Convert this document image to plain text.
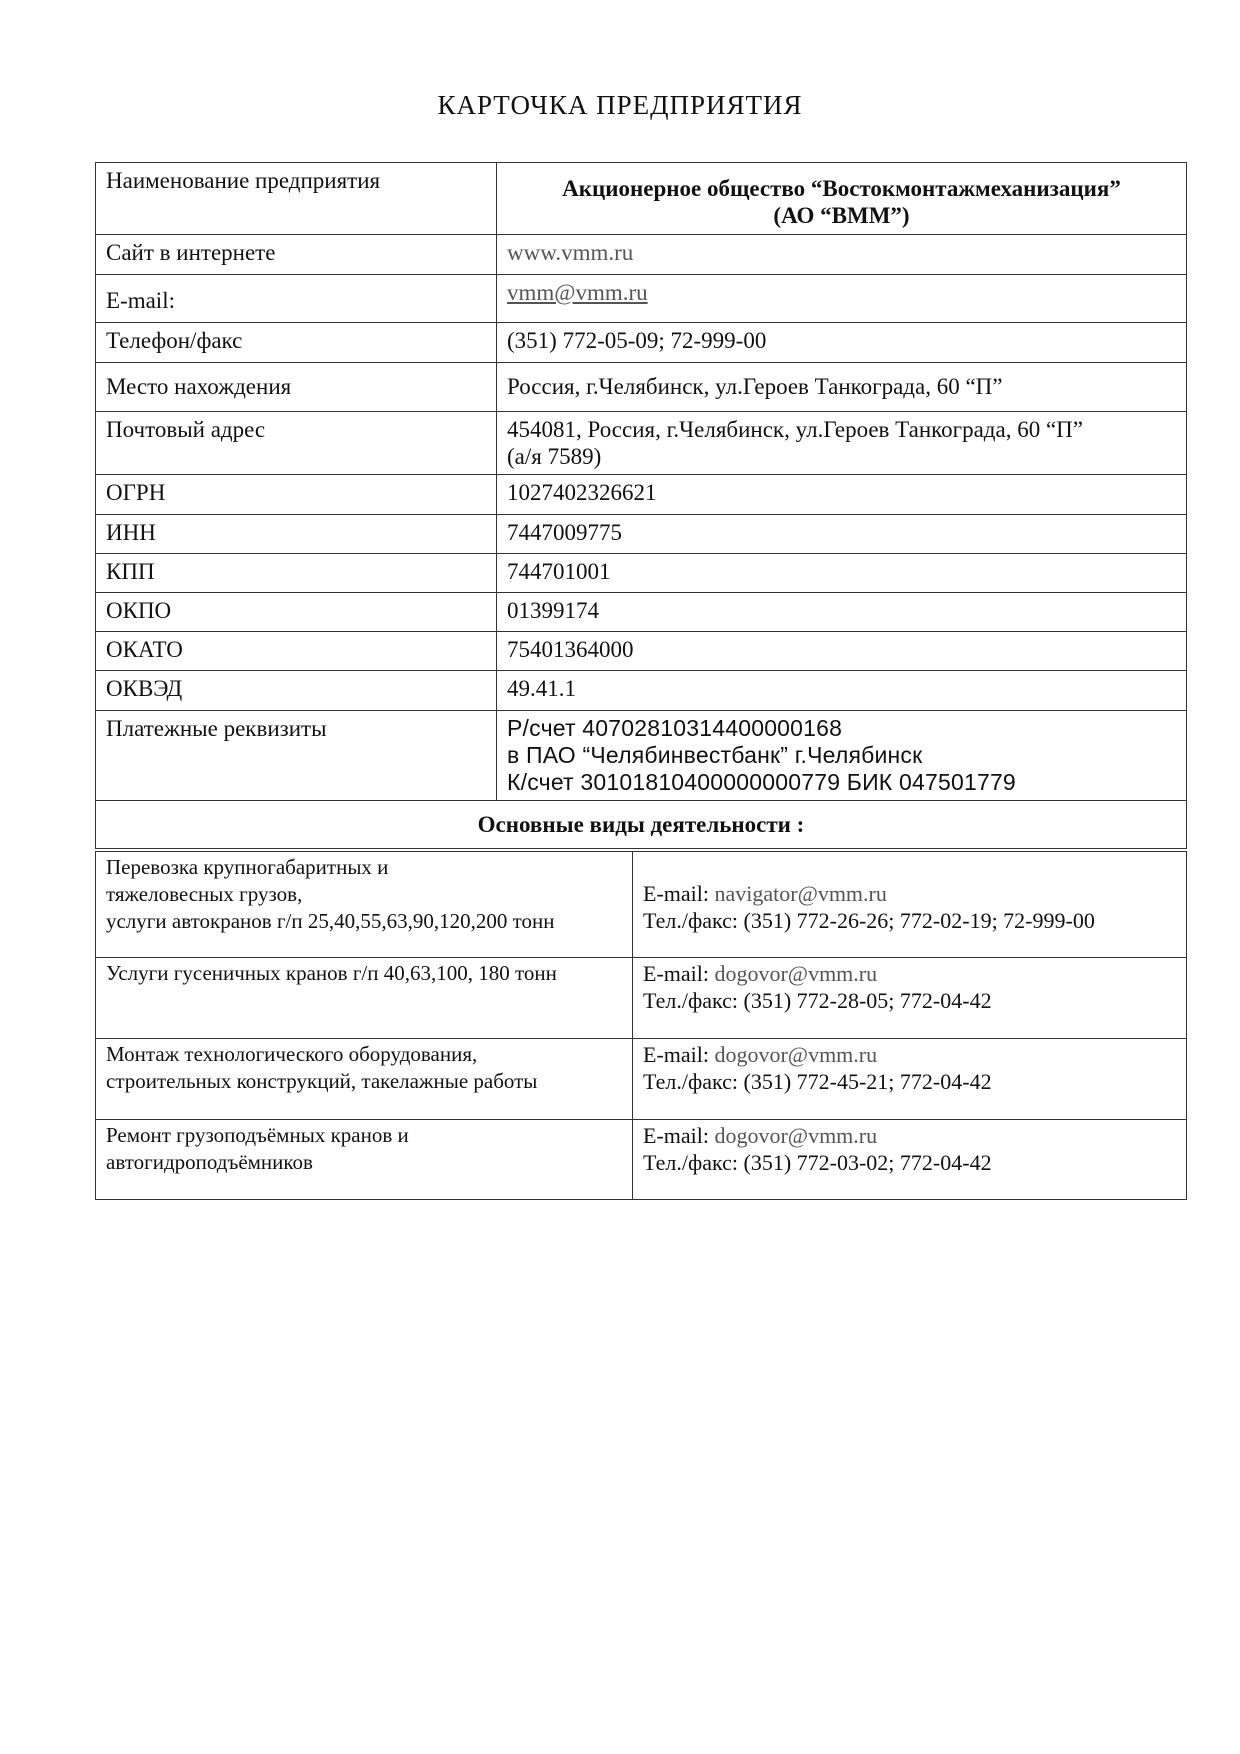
КАРТОЧКА ПРЕДПРИЯТИЯ
Наименование предприятия	Акционерное общество “Востокмонтажмеханизация”
(АО “ВММ”)

Сайт в интернете	www.vmm.ru
E-mail:	vmm@vmm.ru
Телефон/факс	(351) 772-05-09; 72-999-00
Место нахождения	Россия, г.Челябинск, ул.Героев Танкограда, 60 “П”
Почтовый адрес	454081, Россия, г.Челябинск, ул.Героев Танкограда, 60 “П”
(а/я 7589)

ОГРН	1027402326621
ИНН	7447009775
КПП	744701001
ОКПО	01399174
ОКАТО	75401364000
ОКВЭД	49.41.1
Платежные реквизиты	Р/счет 40702810314400000168
в ПАО “Челябинвестбанк” г.Челябинск
К/счет 30101810400000000779 БИК 047501779

Основные виды деятельности :	
Перевозка крупногабаритных и
тяжеловесных грузов,
услуги автокранов г/п 25,40,55,63,90,120,200 тонн	E-mail: navigator@vmm.ru
Тел./факс: (351) 772-26-26; 772-02-19; 72-999-00

Услуги гусеничных кранов г/п 40,63,100, 180 тонн	E-mail: dogovor@vmm.ru
Тел./факс: (351) 772-28-05; 772-04-42

Монтаж технологического оборудования,
строительных конструкций, такелажные работы	E-mail: dogovor@vmm.ru
Тел./факс: (351) 772-45-21; 772-04-42

Ремонт грузоподъёмных кранов и
автогидроподъёмников	E-mail: dogovor@vmm.ru
Тел./факс: (351) 772-03-02; 772-04-42
